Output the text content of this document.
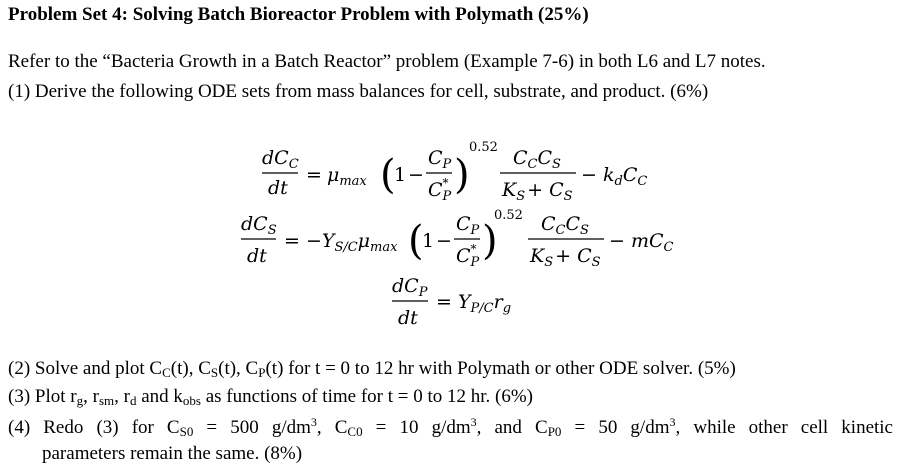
Problem Set 4: Solving Batch Bioreactor Problem with Polymath (25%)
Refer to the “Bacteria Growth in a Batch Reactor” problem (Example 7-6) in both L6 and L7 notes.
(1) Derive the following ODE sets from mass balances for cell, substrate, and product. (6%)
$dC_C$
dt
= $\mu_{max}$ (
1 −
$C_P$
C* P )
0.52 $C_CC_S$
$K_S + C_S$
− $k_dC_C$
$dC_S$
dt
= $-Y_{S/C}\mu_{max}$ (
1 −
$C_P$
C* P )
0.52 $C_CC_S$
$K_S + C_S$
− $mC_C$
$dC_P$
dt
= $Y_{P/C}r_g$
(2) Solve and plot $C_C(t)$, $C_S(t)$, $C_P(t)$ for t = 0 to 12 hr with Polymath or other ODE solver. (5%)
(3) Plot $r_g$, $r_{sm}$, $r_d$ and $k_{obs}$ as functions of time for t = 0 to 12 hr. (6%)
(4) Redo (3) for $C_{S0} = 500$ $g/dm^3$, $C_{C0} = 10$ $g/dm^3$, and $C_{P0} = 50$ $g/dm^3$, while other cell kinetic
parameters remain the same. (8%)
